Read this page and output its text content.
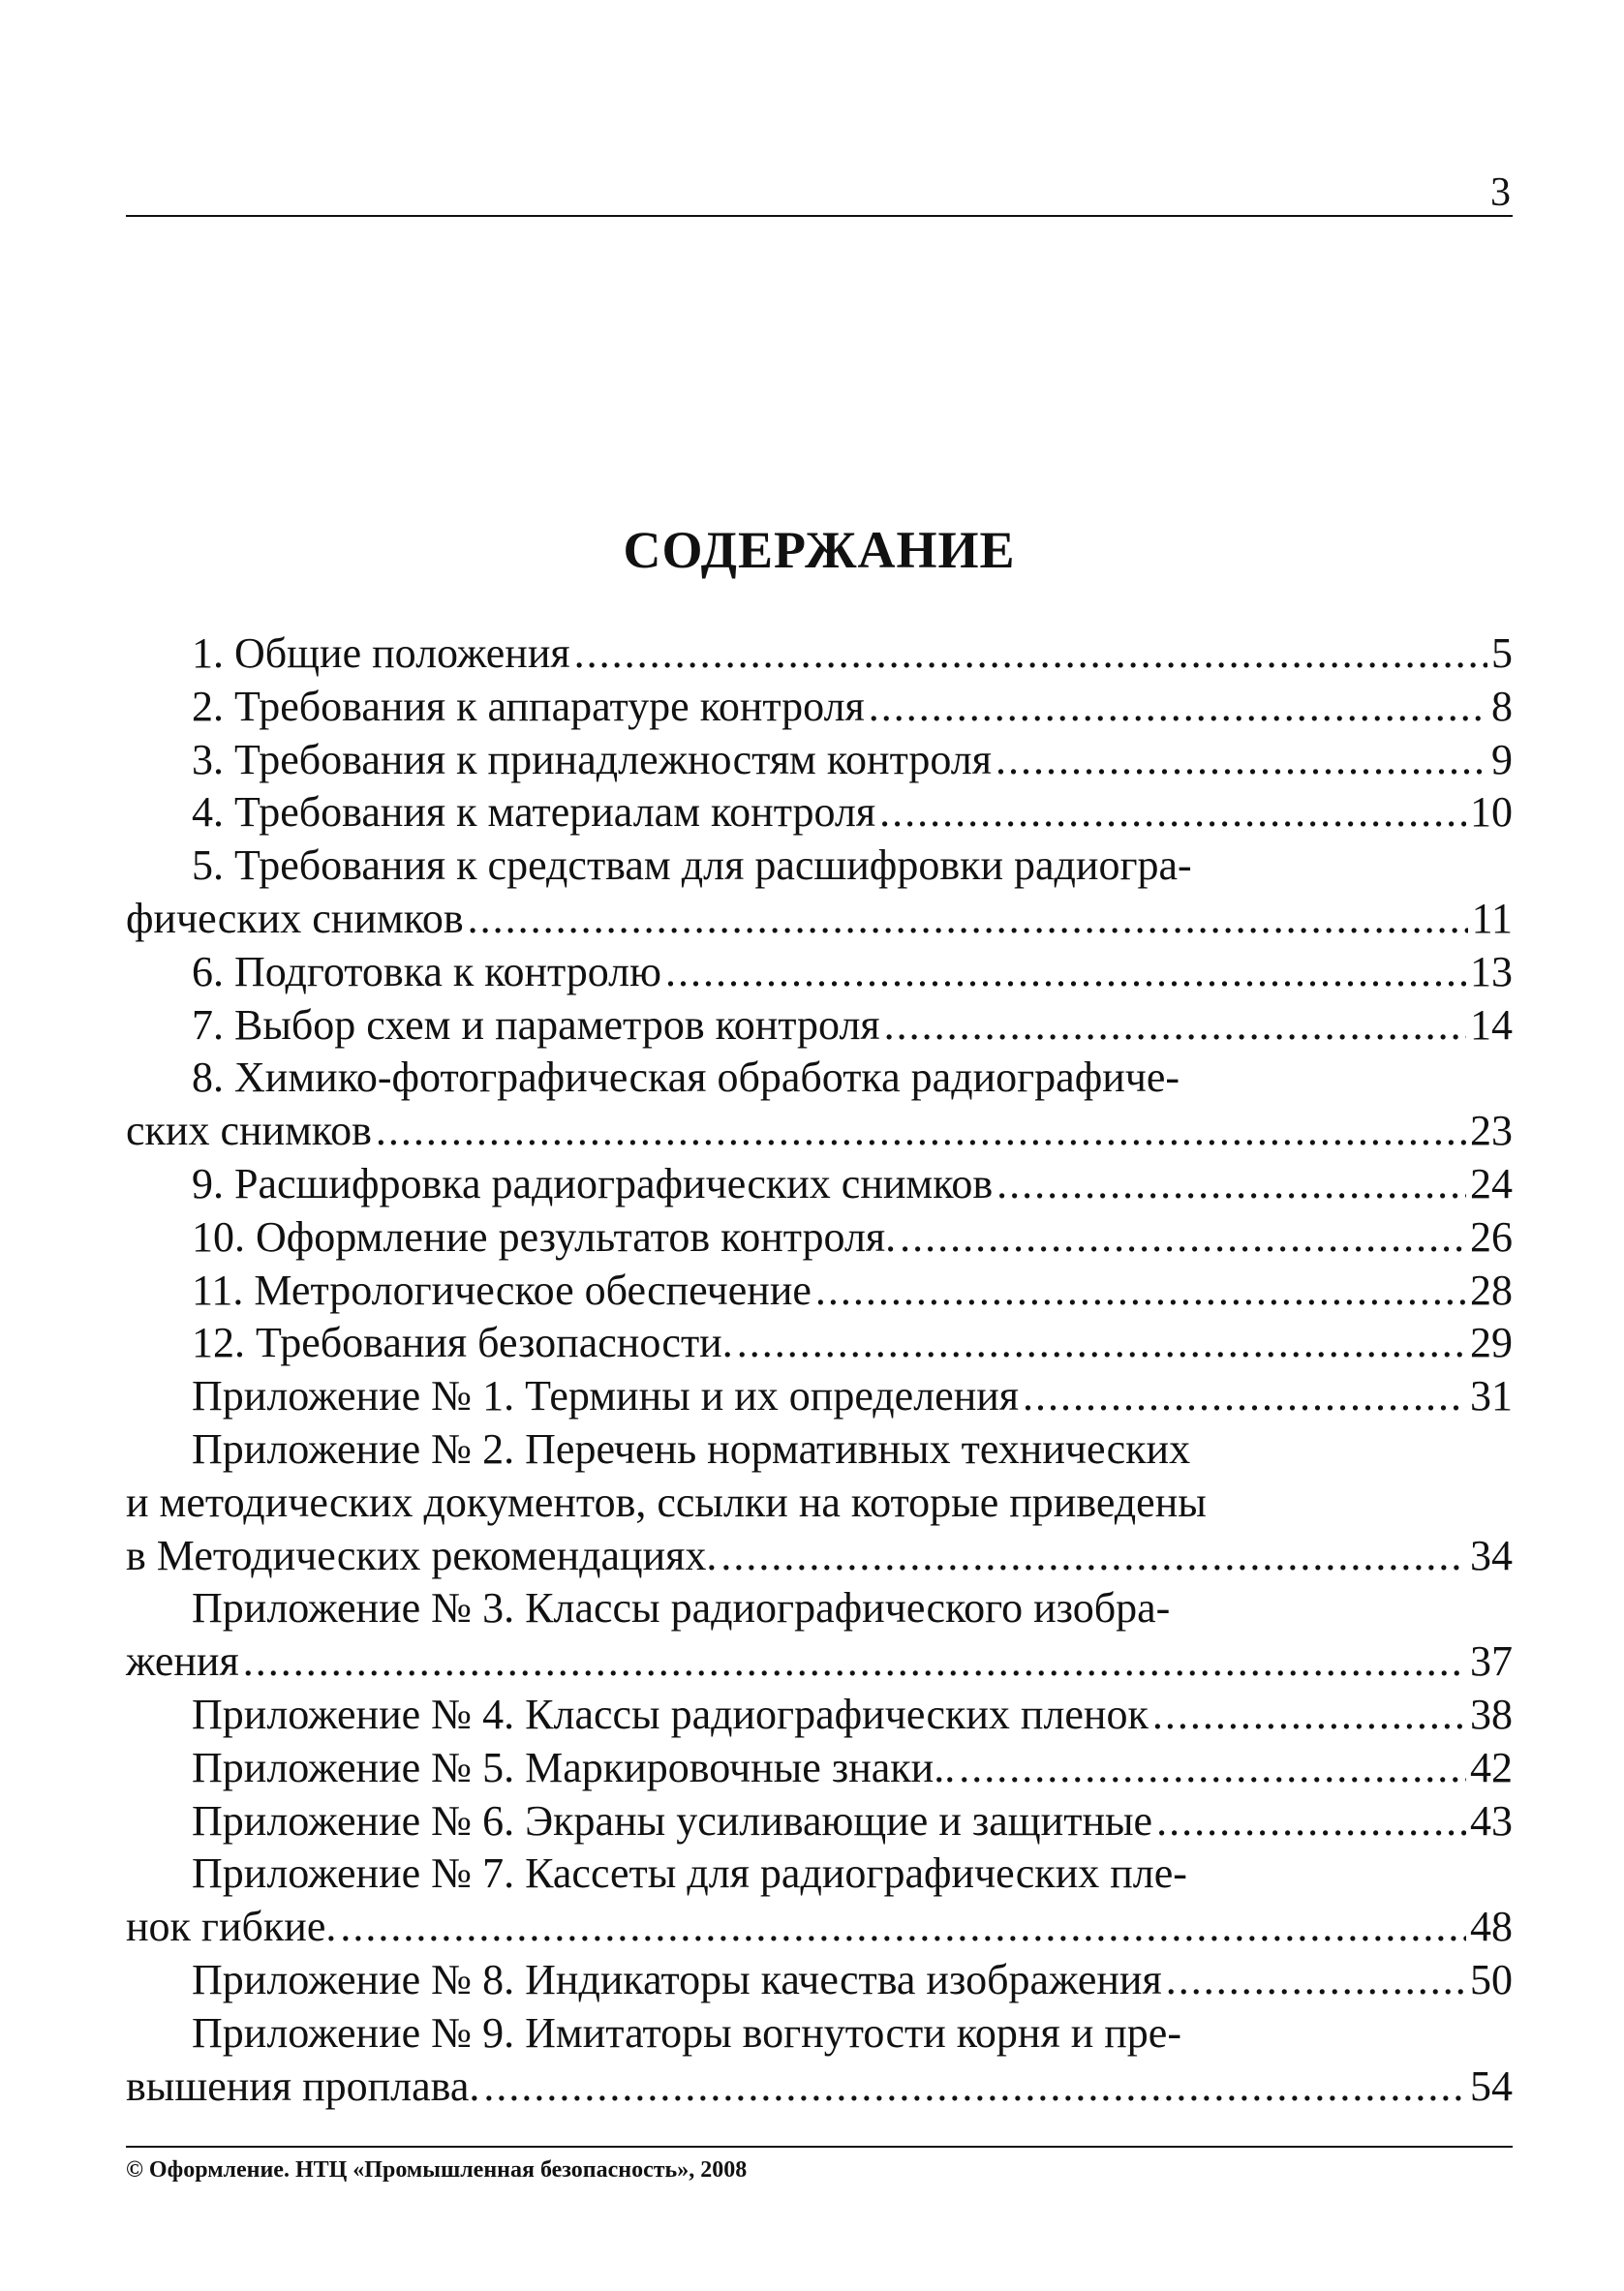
3
СОДЕРЖАНИЕ
1. Общие положения .....	5
2. Требования к аппаратуре контроля .....	8
3. Требования к принадлежностям контроля .....	9
4. Требования к материалам контроля .....	10
5. Требования к средствам для расшифровки радиогра-
фических снимков .....	11
6. Подготовка к контролю .....	13
7. Выбор схем и параметров контроля .....	14
8. Химико-фотографическая обработка радиографиче-
ских снимков .....	23
9. Расшифровка радиографических снимков .....	24
10. Оформление результатов контроля. .....	26
11. Метрологическое обеспечение .....	28
12. Требования безопасности. .....	29
Приложение № 1. Термины и их определения .....	31
Приложение № 2. Перечень нормативных технических
и методических документов, ссылки на которые приведены
в Методических рекомендациях. .....	34
Приложение № 3. Классы радиографического изобра-
жения .....	37
Приложение № 4. Классы радиографических пленок .....	38
Приложение № 5. Маркировочные знаки.. .....	42
Приложение № 6. Экраны усиливающие и защитные .....	43
Приложение № 7. Кассеты для радиографических пле-
нок гибкие. .....	48
Приложение № 8. Индикаторы качества изображения .....	50
Приложение № 9. Имитаторы вогнутости корня и пре-
вышения проплава. .....	54
© Оформление. НТЦ «Промышленная безопасность», 2008
